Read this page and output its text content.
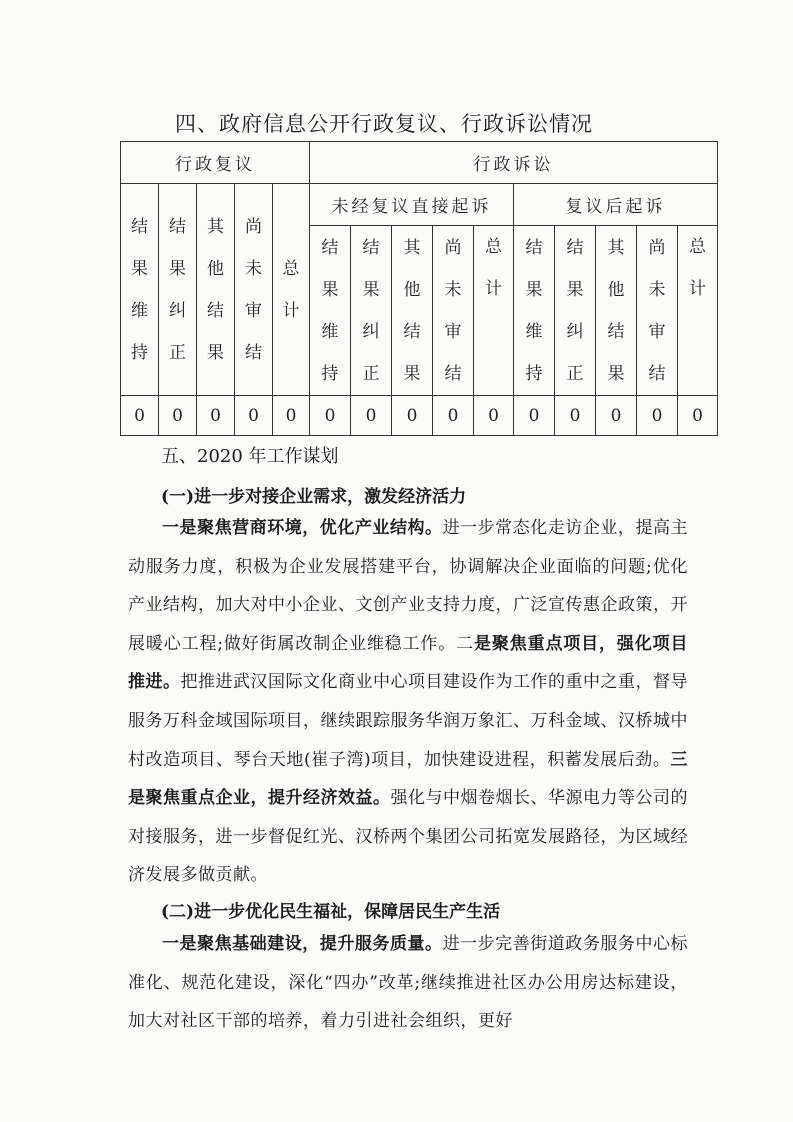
四、政府信息公开行政复议、行政诉讼情况
行政复议					行政诉讼									
结果维持	结果纠正	其他结果	尚未审结	总计	未经复议直接起诉					复议后起诉				
					结果维持	结果纠正	其他结果	尚未审结	总计	结果维持	结果纠正	其他结果	尚未审结	总计
0	0	0	0	0	0	0	0	0	0	0	0	0	0	0
五、2020 年工作谋划
(一)进一步对接企业需求，激发经济活力
一是聚焦营商环境，优化产业结构。进一步常态化走访企业，提高主动服务力度，积极为企业发展搭建平台，协调解决企业面临的问题;优化产业结构，加大对中小企业、文创产业支持力度，广泛宣传惠企政策，开展暖心工程;做好街属改制企业维稳工作。二是聚焦重点项目，强化项目推进。把推进武汉国际文化商业中心项目建设作为工作的重中之重，督导服务万科金域国际项目，继续跟踪服务华润万象汇、万科金域、汉桥城中村改造项目、琴台天地(崔子湾)项目，加快建设进程，积蓄发展后劲。三是聚焦重点企业，提升经济效益。强化与中烟卷烟长、华源电力等公司的对接服务，进一步督促红光、汉桥两个集团公司拓宽发展路径，为区域经济发展多做贡献。
(二)进一步优化民生福祉，保障居民生产生活
一是聚焦基础建设，提升服务质量。进一步完善街道政务服务中心标准化、规范化建设，深化“四办”改革;继续推进社区办公用房达标建设，加大对社区干部的培养，着力引进社会组织，更好
